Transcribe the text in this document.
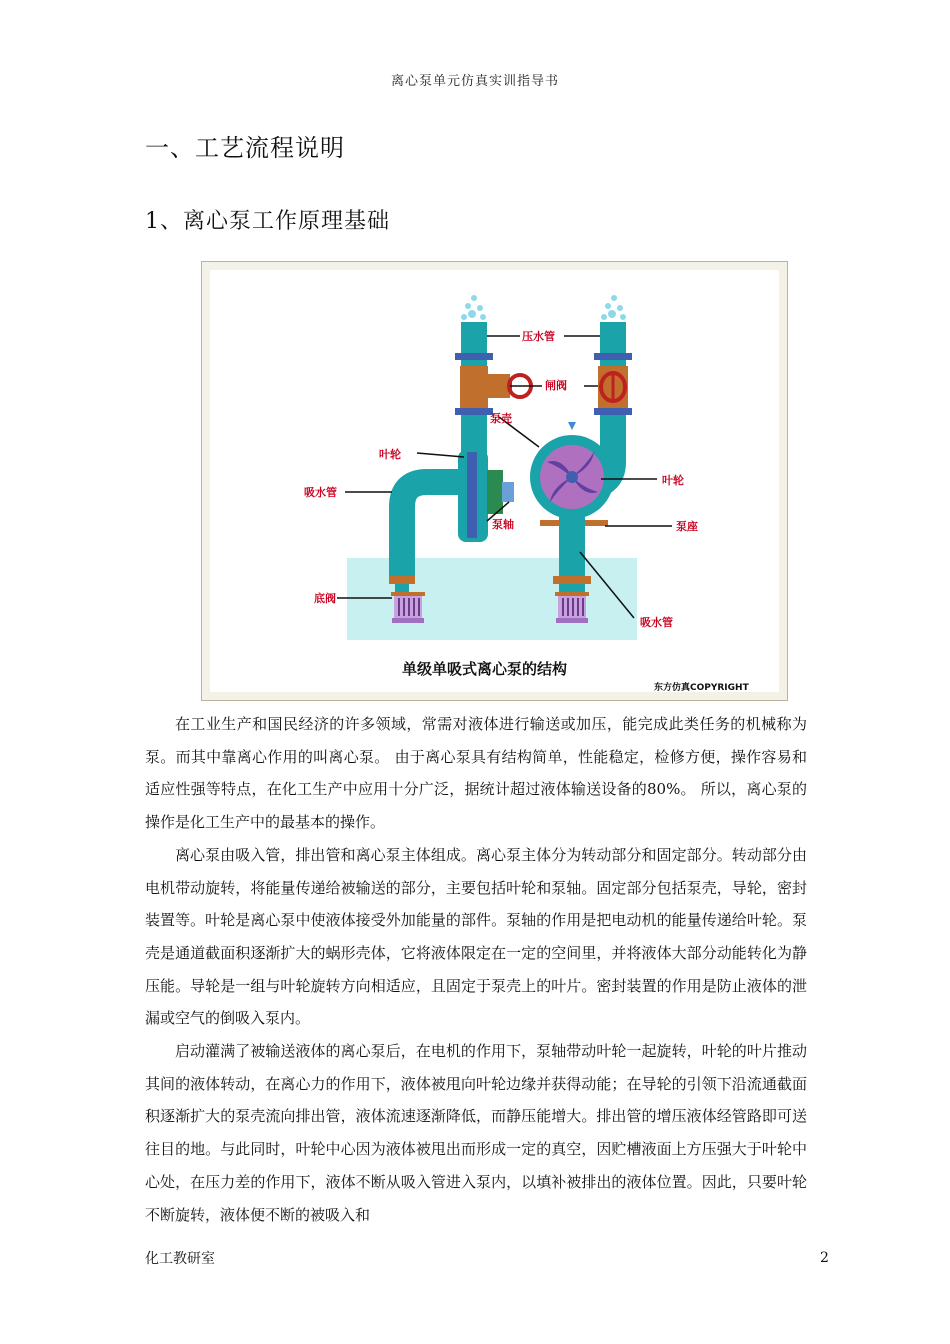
离心泵单元仿真实训指导书
一、工艺流程说明
1、离心泵工作原理基础
压水管
闸阀
泵壳
叶轮
吸水管
泵轴
叶轮
泵座
底阀
吸水管
单级单吸式离心泵的结构
东方仿真COPYRIGHT

在工业生产和国民经济的许多领域，常需对液体进行输送或加压，能完成此类任务的机械称为泵。而其中靠离心作用的叫离心泵。 由于离心泵具有结构简单，性能稳定，检修方便，操作容易和适应性强等特点，在化工生产中应用十分广泛，据统计超过液体输送设备的80%。 所以，离心泵的操作是化工生产中的最基本的操作。

离心泵由吸入管，排出管和离心泵主体组成。离心泵主体分为转动部分和固定部分。转动部分由电机带动旋转，将能量传递给被输送的部分，主要包括叶轮和泵轴。固定部分包括泵壳，导轮，密封装置等。叶轮是离心泵中使液体接受外加能量的部件。泵轴的作用是把电动机的能量传递给叶轮。泵壳是通道截面积逐渐扩大的蜗形壳体，它将液体限定在一定的空间里，并将液体大部分动能转化为静压能。导轮是一组与叶轮旋转方向相适应，且固定于泵壳上的叶片。密封装置的作用是防止液体的泄漏或空气的倒吸入泵内。

启动灌满了被输送液体的离心泵后，在电机的作用下，泵轴带动叶轮一起旋转，叶轮的叶片推动其间的液体转动，在离心力的作用下，液体被甩向叶轮边缘并获得动能；在导轮的引领下沿流通截面积逐渐扩大的泵壳流向排出管，液体流速逐渐降低，而静压能增大。排出管的增压液体经管路即可送往目的地。与此同时，叶轮中心因为液体被甩出而形成一定的真空，因贮槽液面上方压强大于叶轮中心处，在压力差的作用下，液体不断从吸入管进入泵内，以填补被排出的液体位置。因此，只要叶轮不断旋转，液体便不断的被吸入和

化工教研室	2
